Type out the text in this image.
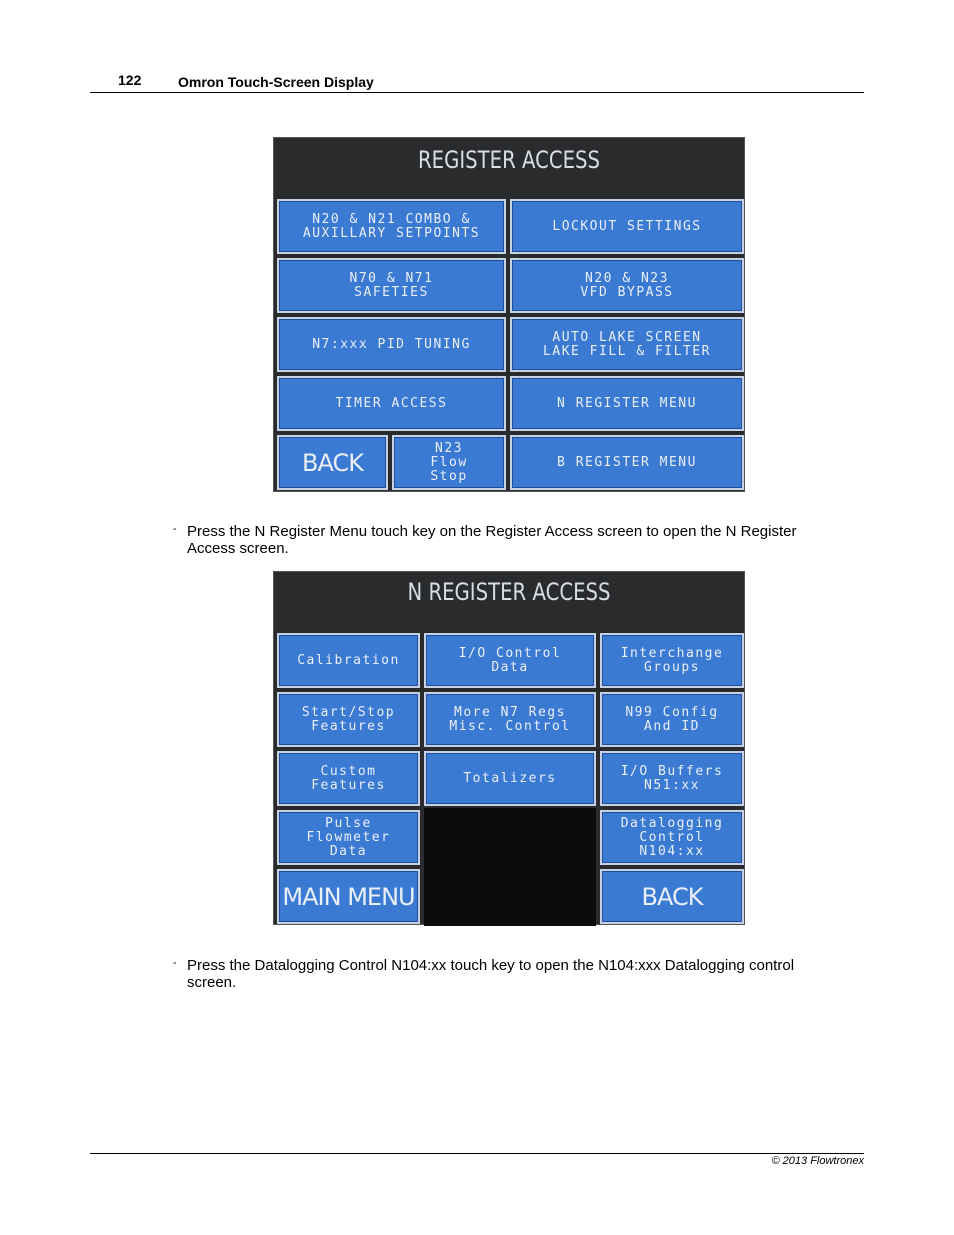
122	Omron Touch-Screen Display
REGISTER ACCESS
N20 & N21 COMBO &
AUXILLARY SETPOINTS	LOCKOUT SETTINGS
N70 & N71
SAFETIES
N20 & N23
VFD BYPASS
N7:xxx PID TUNING	AUTO LAKE SCREEN
LAKE FILL & FILTER
TIMER ACCESS	N REGISTER MENU
BACK
N23
Flow
Stop
B REGISTER MENU
- Press the N Register Menu touch key on the Register Access screen to open the N Register Access screen.
N REGISTER ACCESS
Calibration	I/O Control
Data
Interchange
Groups
Start/Stop
Features
More N7 Regs
Misc. Control
N99 Config
And ID
Custom
Features	Totalizers	I/O Buffers
N51:xx
Pulse
Flowmeter
Data
Datalogging
Control
N104:xx
MAIN MENU	BACK
- Press the Datalogging Control N104:xx touch key to open the N104:xxx Datalogging control screen.
© 2013 Flowtronex
